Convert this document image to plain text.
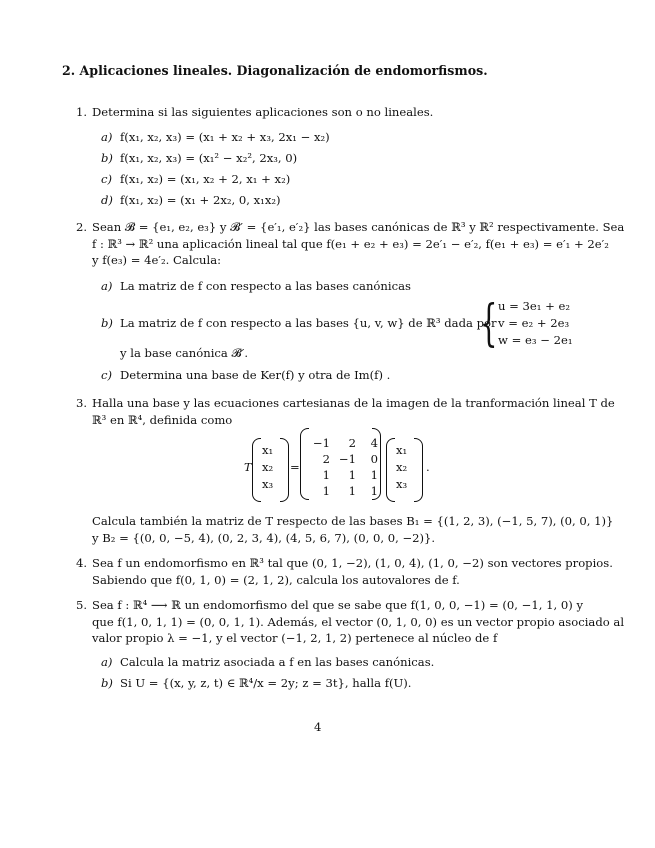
2. Aplicaciones lineales. Diagonalización de endomorfismos.
1. Determina si las siguientes aplicaciones son o no lineales.
a) f(x₁, x₂, x₃) = (x₁ + x₂ + x₃, 2x₁ − x₂)
b) f(x₁, x₂, x₃) = (x₁² − x₂², 2x₃, 0)
c) f(x₁, x₂) = (x₁, x₂ + 2, x₁ + x₂)
d) f(x₁, x₂) = (x₁ + 2x₂, 0, x₁x₂)
2. Sean 𝓑 = {e₁, e₂, e₃} y 𝓑′ = {e′₁, e′₂} las bases canónicas de ℝ³ y ℝ² respectivamente. Sea
f : ℝ³ → ℝ² una aplicación lineal tal que f(e₁ + e₂ + e₃) = 2e′₁ − e′₂, f(e₁ + e₃) = e′₁ + 2e′₂
y f(e₃) = 4e′₂. Calcula:
a) La matriz de f con respecto a las bases canónicas
b) La matriz de f con respecto a las bases {u, v, w} de ℝ³ dada por
{ u = 3e₁ + e₂
v = e₂ + 2e₃
w = e₃ − 2e₁
y la base canónica 𝓑′.
c) Determina una base de Ker(f) y otra de Im(f) .
3. Halla una base y las ecuaciones cartesianas de la imagen de la tranformación lineal T de
ℝ³ en ℝ⁴, definida como
T
x₁
x₂
x₃
=
−1	2	4
2 −1	0
1	1	1
1	1	1
x₁
x₂
x₃
.
Calcula también la matriz de T respecto de las bases B₁ = {(1, 2, 3), (−1, 5, 7), (0, 0, 1)}
y B₂ = {(0, 0, −5, 4), (0, 2, 3, 4), (4, 5, 6, 7), (0, 0, 0, −2)}.
4. Sea f un endomorfismo en ℝ³ tal que (0, 1, −2), (1, 0, 4), (1, 0, −2) son vectores propios.
Sabiendo que f(0, 1, 0) = (2, 1, 2), calcula los autovalores de f.
5. Sea f : ℝ⁴ ⟶ ℝ un endomorfismo del que se sabe que f(1, 0, 0, −1) = (0, −1, 1, 0) y
que f(1, 0, 1, 1) = (0, 0, 1, 1). Además, el vector (0, 1, 0, 0) es un vector propio asociado al
valor propio λ = −1, y el vector (−1, 2, 1, 2) pertenece al núcleo de f
a) Calcula la matriz asociada a f en las bases canónicas.
b) Si U = {(x, y, z, t) ∈ ℝ⁴/x = 2y; z = 3t}, halla f(U).
4
